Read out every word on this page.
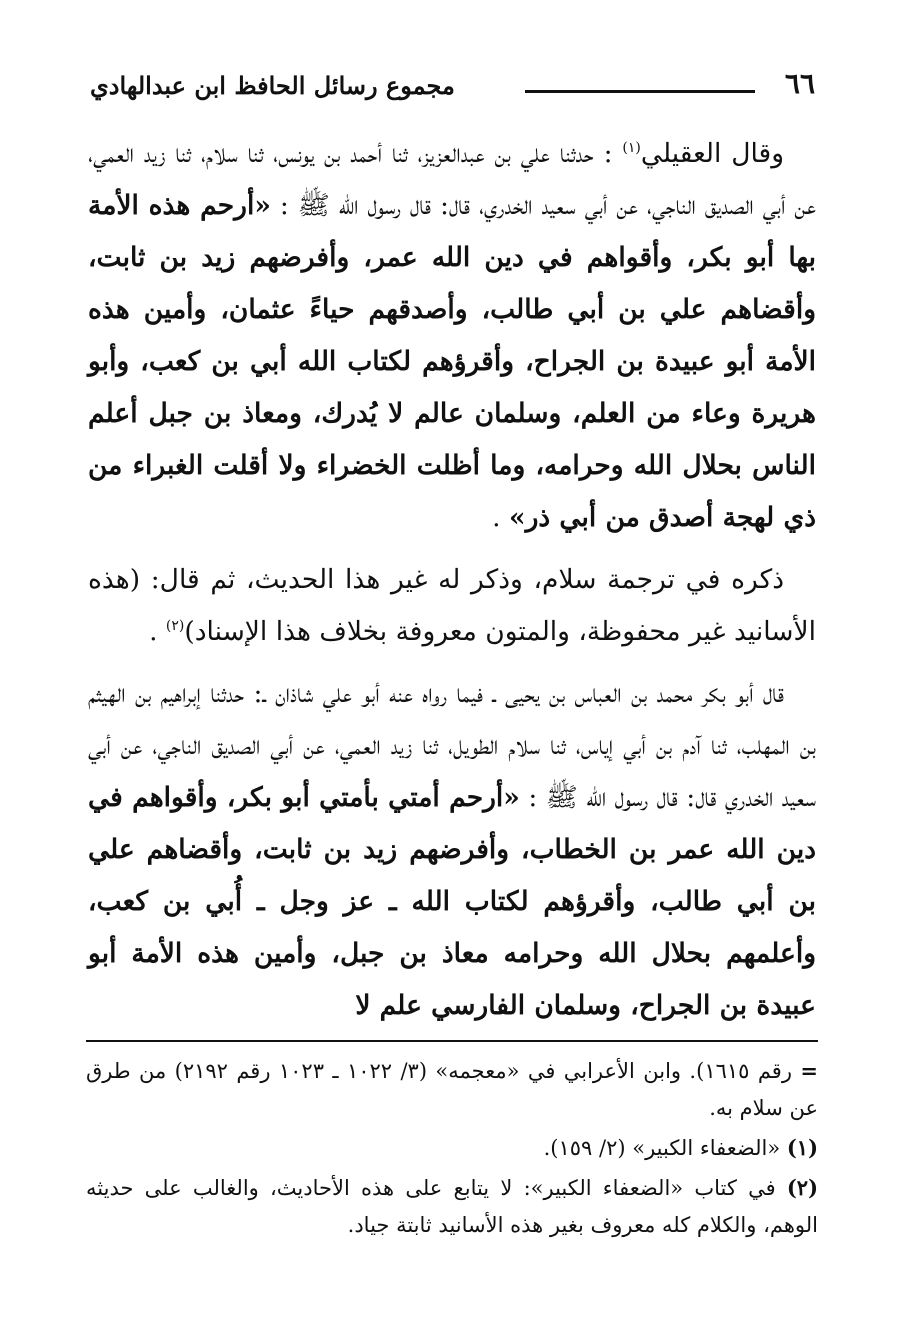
٦٦
مجموع رسائل الحافظ ابن عبدالهادي

وقال العقيلي$^{(١)}$ : حدثنا علي بن عبدالعزيز، ثنا أحمد بن يونس، ثنا سلام، ثنا زيد العمي، عن أبي الصديق الناجي، عن أبي سعيد الخدري، قال: قال رسول الله ﷺ : «أرحم هذه الأمة بها أبو بكر، وأقواهم في دين الله عمر، وأفرضهم زيد بن ثابت، وأقضاهم علي بن أبي طالب، وأصدقهم حياءً عثمان، وأمين هذه الأمة أبو عبيدة بن الجراح، وأقرؤهم لكتاب الله أبي بن كعب، وأبو هريرة وعاء من العلم، وسلمان عالم لا يُدرك، ومعاذ بن جبل أعلم الناس بحلال الله وحرامه، وما أظلت الخضراء ولا أقلت الغبراء من ذي لهجة أصدق من أبي ذر» .

ذكره في ترجمة سلام، وذكر له غير هذا الحديث، ثم قال: (هذه الأسانيد غير محفوظة، والمتون معروفة بخلاف هذا الإسناد)$^{(٢)}$ .

قال أبو بكر محمد بن العباس بن يحيى ـ فيما رواه عنه أبو علي شاذان ـ: حدثنا إبراهيم بن الهيثم بن المهلب، ثنا آدم بن أبي إياس، ثنا سلام الطويل، ثنا زيد العمي، عن أبي الصديق الناجي، عن أبي سعيد الخدري قال: قال رسول الله ﷺ : «أرحم أمتي بأمتي أبو بكر، وأقواهم في دين الله عمر بن الخطاب، وأفرضهم زيد بن ثابت، وأقضاهم علي بن أبي طالب، وأقرؤهم لكتاب الله ـ عز وجل ـ أُبي بن كعب، وأعلمهم بحلال الله وحرامه معاذ بن جبل، وأمين هذه الأمة أبو عبيدة بن الجراح، وسلمان الفارسي علم لا

= رقم ١٦١٥). وابن الأعرابي في «معجمه» (٣/ ١٠٢٢ ـ ١٠٢٣ رقم ٢١٩٢) من طرق عن سلام به.

(١) «الضعفاء الكبير» (٢/ ١٥٩).

(٢) في كتاب «الضعفاء الكبير»: لا يتابع على هذه الأحاديث، والغالب على حديثه الوهم، والكلام كله معروف بغير هذه الأسانيد ثابتة جياد.
